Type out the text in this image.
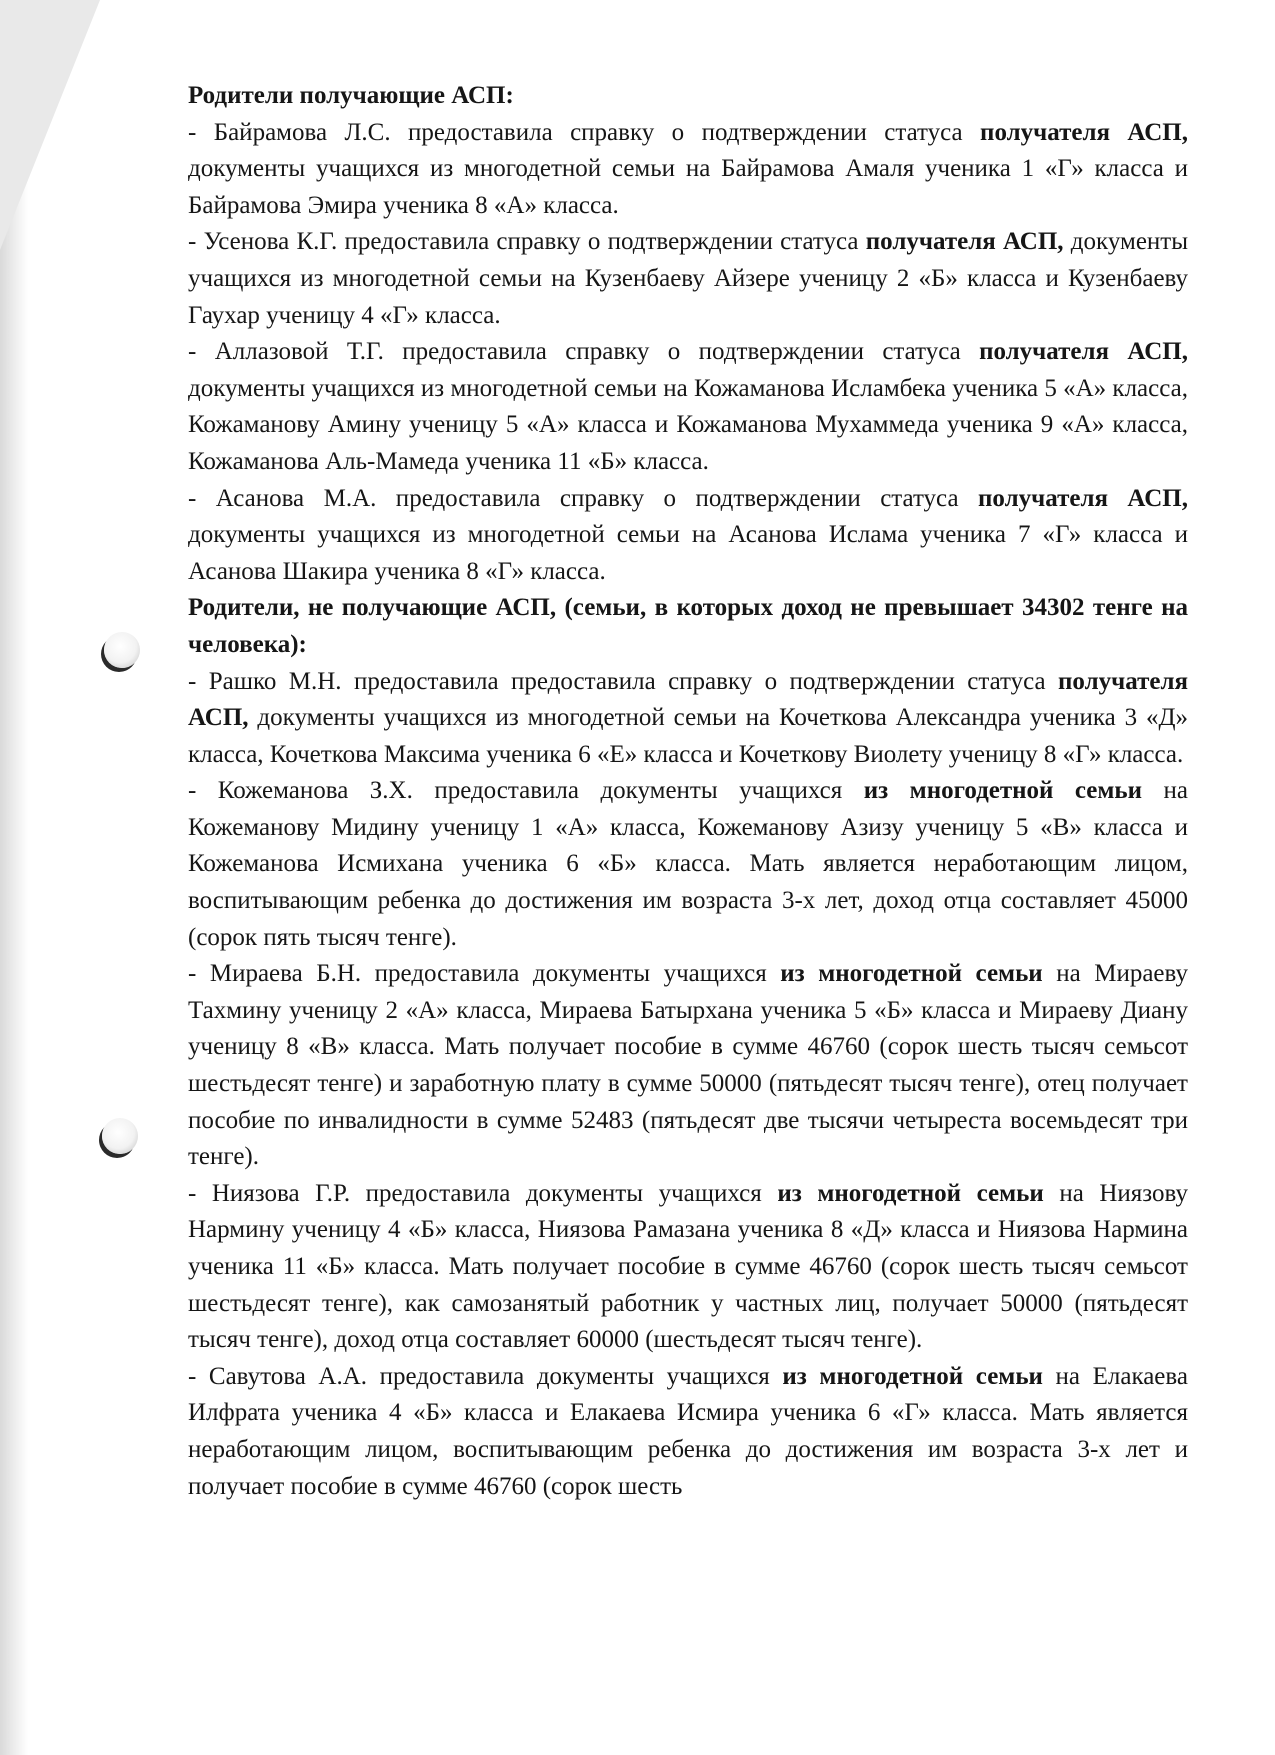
Родители получающие АСП:

- Байрамова Л.С. предоставила справку о подтверждении статуса получателя АСП, документы учащихся из многодетной семьи на Байрамова Амаля ученика 1 «Г» класса и Байрамова Эмира ученика 8 «А» класса.

- Усенова К.Г. предоставила справку о подтверждении статуса получателя АСП, документы учащихся из многодетной семьи на Кузенбаеву Айзере ученицу 2 «Б» класса и Кузенбаеву Гаухар ученицу 4 «Г» класса.

- Аллазовой Т.Г. предоставила справку о подтверждении статуса получателя АСП, документы учащихся из многодетной семьи на Кожаманова Исламбека ученика 5 «А» класса, Кожаманову Амину ученицу 5 «А» класса и Кожаманова Мухаммеда ученика 9 «А» класса, Кожаманова Аль-Мамеда ученика 11 «Б» класса.

- Асанова М.А. предоставила справку о подтверждении статуса получателя АСП, документы учащихся из многодетной семьи на Асанова Ислама ученика 7 «Г» класса и Асанова Шакира ученика 8 «Г» класса.

Родители, не получающие АСП, (семьи, в которых доход не превышает 34302 тенге на человека):

- Рашко М.Н. предоставила предоставила справку о подтверждении статуса получателя АСП, документы учащихся из многодетной семьи на Кочеткова Александра ученика 3 «Д» класса, Кочеткова Максима ученика 6 «Е» класса и Кочеткову Виолету ученицу 8 «Г» класса.

- Кожеманова З.Х. предоставила документы учащихся из многодетной семьи на Кожеманову Мидину ученицу 1 «А» класса, Кожеманову Азизу ученицу 5 «В» класса и Кожеманова Исмихана ученика 6 «Б» класса. Мать является неработающим лицом, воспитывающим ребенка до достижения им возраста 3-х лет, доход отца составляет 45000 (сорок пять тысяч тенге).

- Мираева Б.Н. предоставила документы учащихся из многодетной семьи на Мираеву Тахмину ученицу 2 «А» класса, Мираева Батырхана ученика 5 «Б» класса и Мираеву Диану ученицу 8 «В» класса. Мать получает пособие в сумме 46760 (сорок шесть тысяч семьсот шестьдесят тенге) и заработную плату в сумме 50000 (пятьдесят тысяч тенге), отец получает пособие по инвалидности в сумме 52483 (пятьдесят две тысячи четыреста восемьдесят три тенге).

- Ниязова Г.Р. предоставила документы учащихся из многодетной семьи на Ниязову Нармину ученицу 4 «Б» класса, Ниязова Рамазана ученика 8 «Д» класса и Ниязова Нармина ученика 11 «Б» класса. Мать получает пособие в сумме 46760 (сорок шесть тысяч семьсот шестьдесят тенге), как самозанятый работник у частных лиц, получает 50000 (пятьдесят тысяч тенге), доход отца составляет 60000 (шестьдесят тысяч тенге).

- Савутова А.А. предоставила документы учащихся из многодетной семьи на Елакаева Илфрата ученика 4 «Б» класса и Елакаева Исмира ученика 6 «Г» класса. Мать является неработающим лицом, воспитывающим ребенка до достижения им возраста 3-х лет и получает пособие в сумме 46760 (сорок шесть
